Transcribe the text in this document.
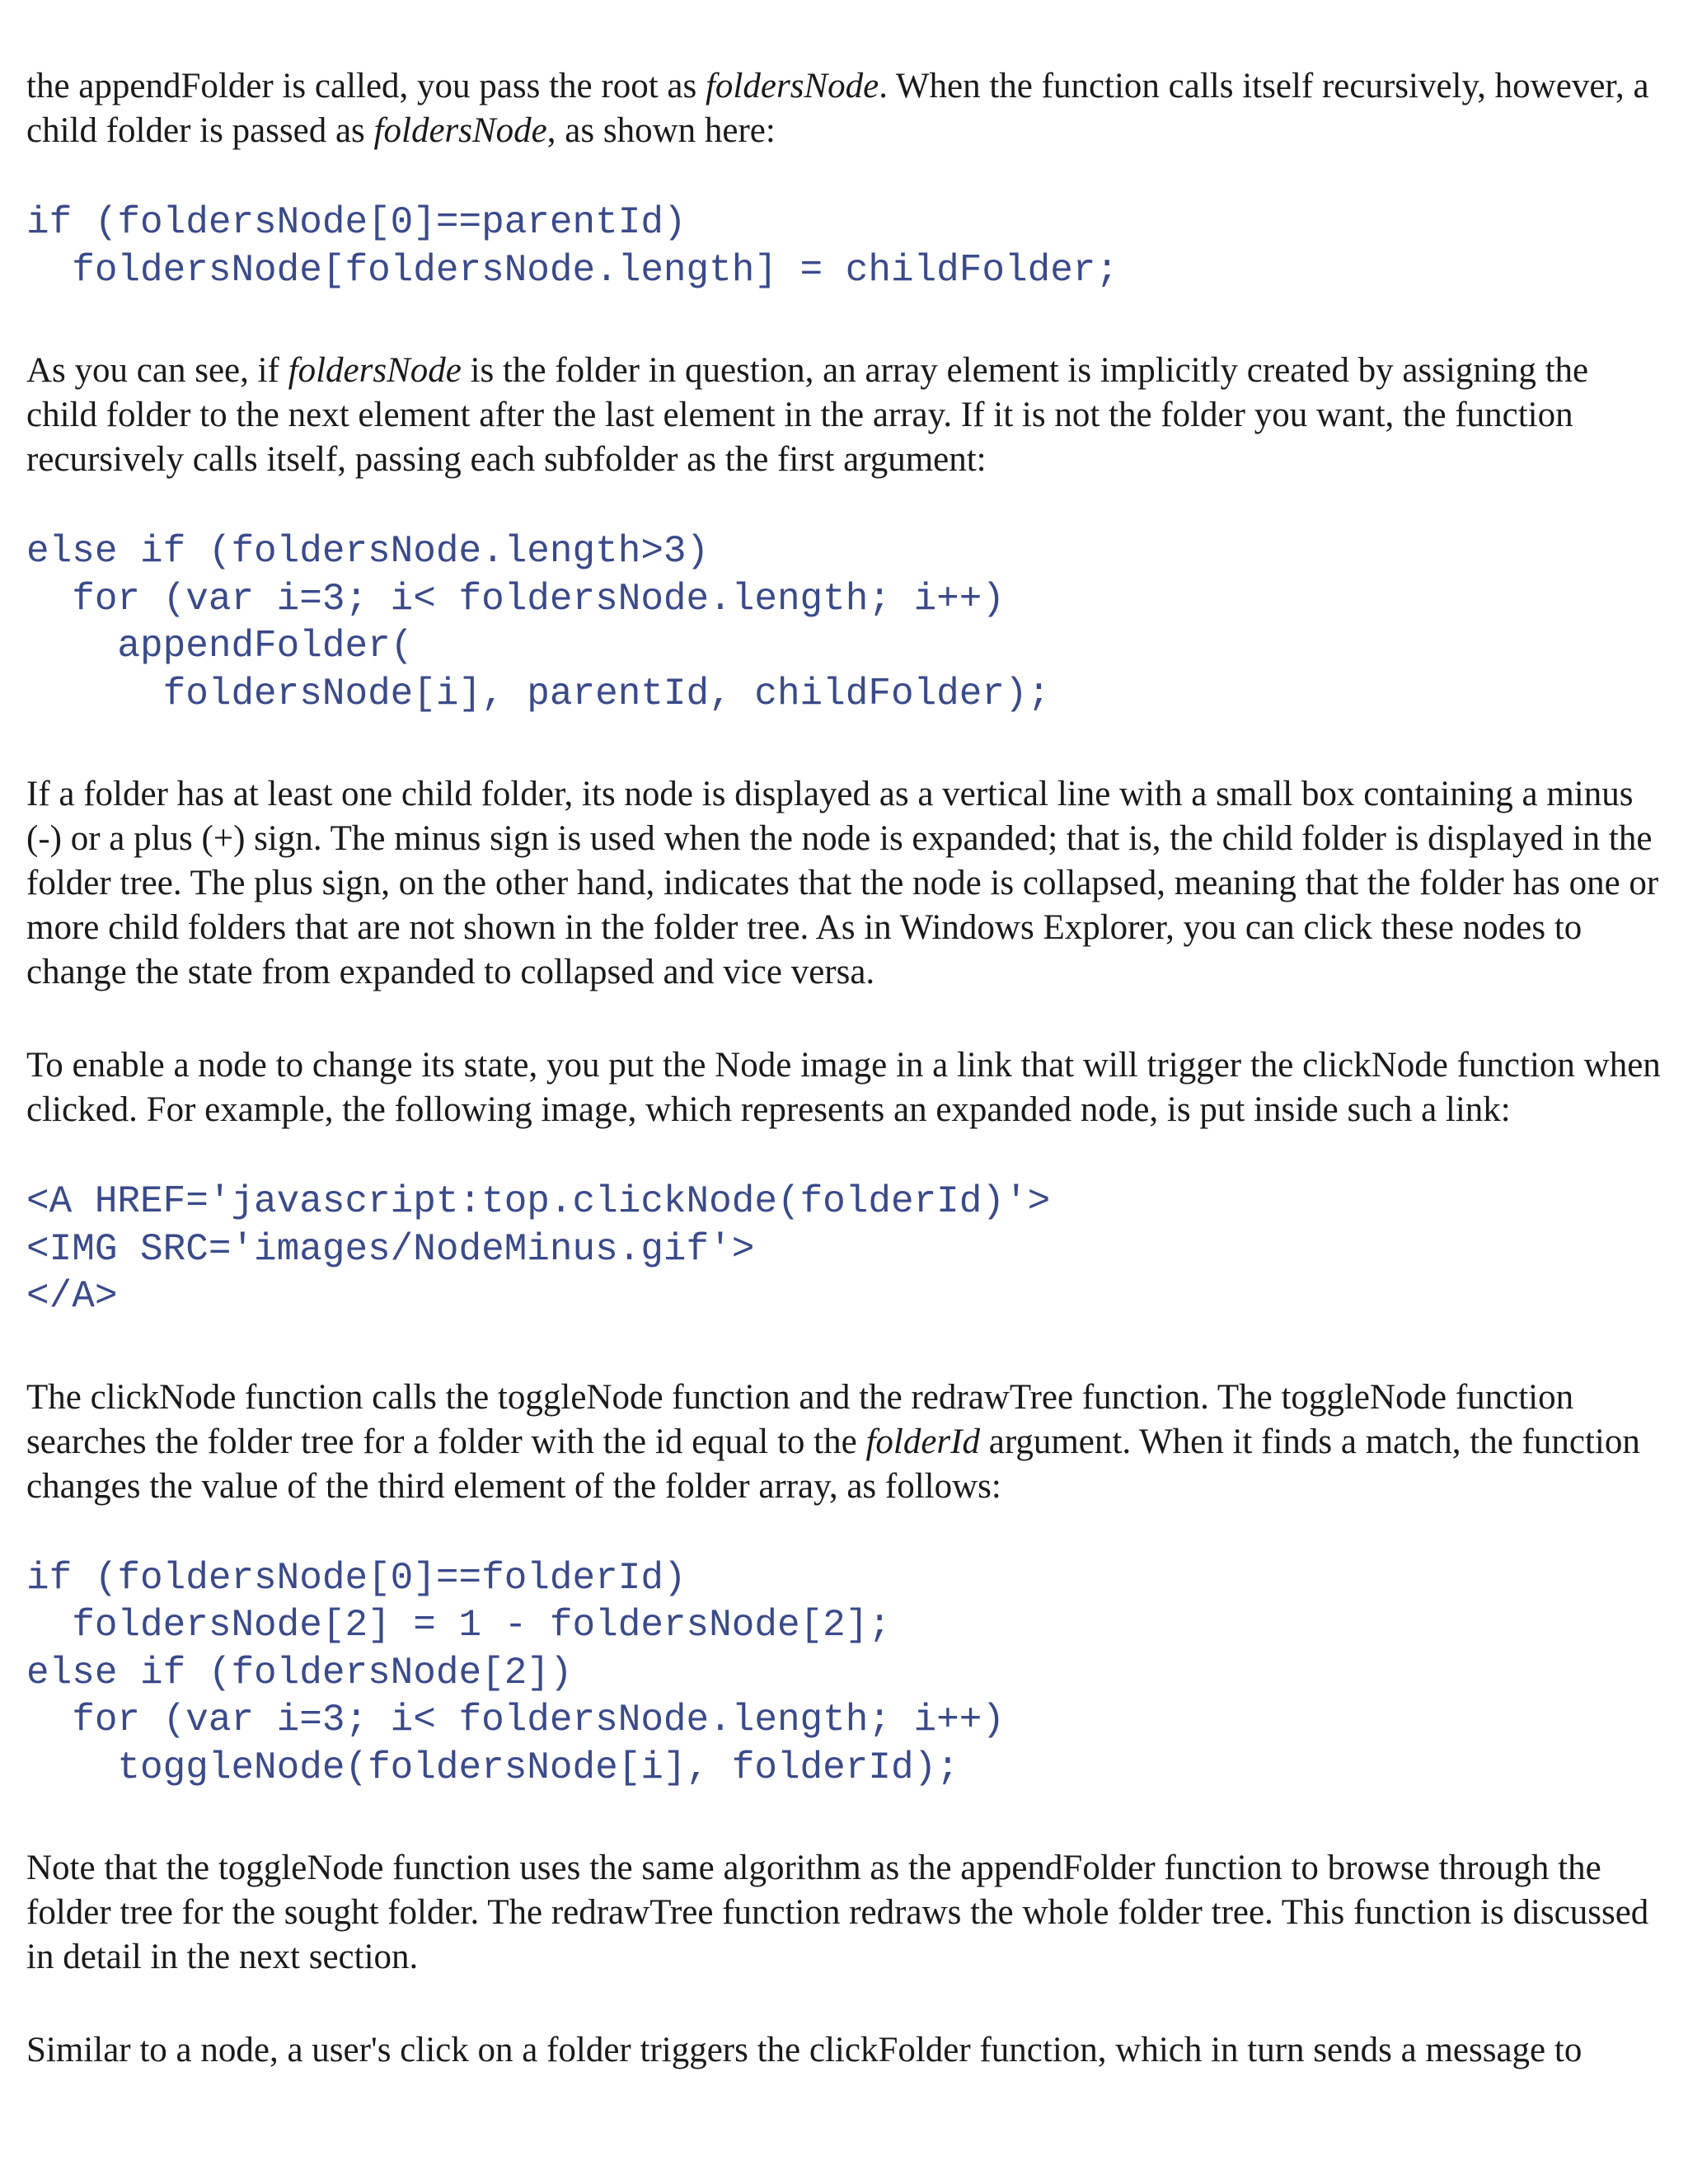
the appendFolder is called, you pass the root as foldersNode. When the function calls itself recursively, however, a child folder is passed as foldersNode, as shown here:

if (foldersNode[0]==parentId)
foldersNode[foldersNode.length] = childFolder;

As you can see, if foldersNode is the folder in question, an array element is implicitly created by assigning the child folder to the next element after the last element in the array. If it is not the folder you want, the function recursively calls itself, passing each subfolder as the first argument:

else if (foldersNode.length>3)
for (var i=3; i< foldersNode.length; i++)
appendFolder(
foldersNode[i], parentId, childFolder);

If a folder has at least one child folder, its node is displayed as a vertical line with a small box containing a minus (-) or a plus (+) sign. The minus sign is used when the node is expanded; that is, the child folder is displayed in the folder tree. The plus sign, on the other hand, indicates that the node is collapsed, meaning that the folder has one or more child folders that are not shown in the folder tree. As in Windows Explorer, you can click these nodes to change the state from expanded to collapsed and vice versa.

To enable a node to change its state, you put the Node image in a link that will trigger the clickNode function when clicked. For example, the following image, which represents an expanded node, is put inside such a link:

<A HREF='javascript:top.clickNode(folderId)'>
<IMG SRC='images/NodeMinus.gif'>
</A>

The clickNode function calls the toggleNode function and the redrawTree function. The toggleNode function searches the folder tree for a folder with the id equal to the folderId argument. When it finds a match, the function changes the value of the third element of the folder array, as follows:

if (foldersNode[0]==folderId)
foldersNode[2] = 1 - foldersNode[2];
else if (foldersNode[2])
for (var i=3; i< foldersNode.length; i++)
toggleNode(foldersNode[i], folderId);

Note that the toggleNode function uses the same algorithm as the appendFolder function to browse through the folder tree for the sought folder. The redrawTree function redraws the whole folder tree. This function is discussed in detail in the next section.

Similar to a node, a user's click on a folder triggers the clickFolder function, which in turn sends a message to
